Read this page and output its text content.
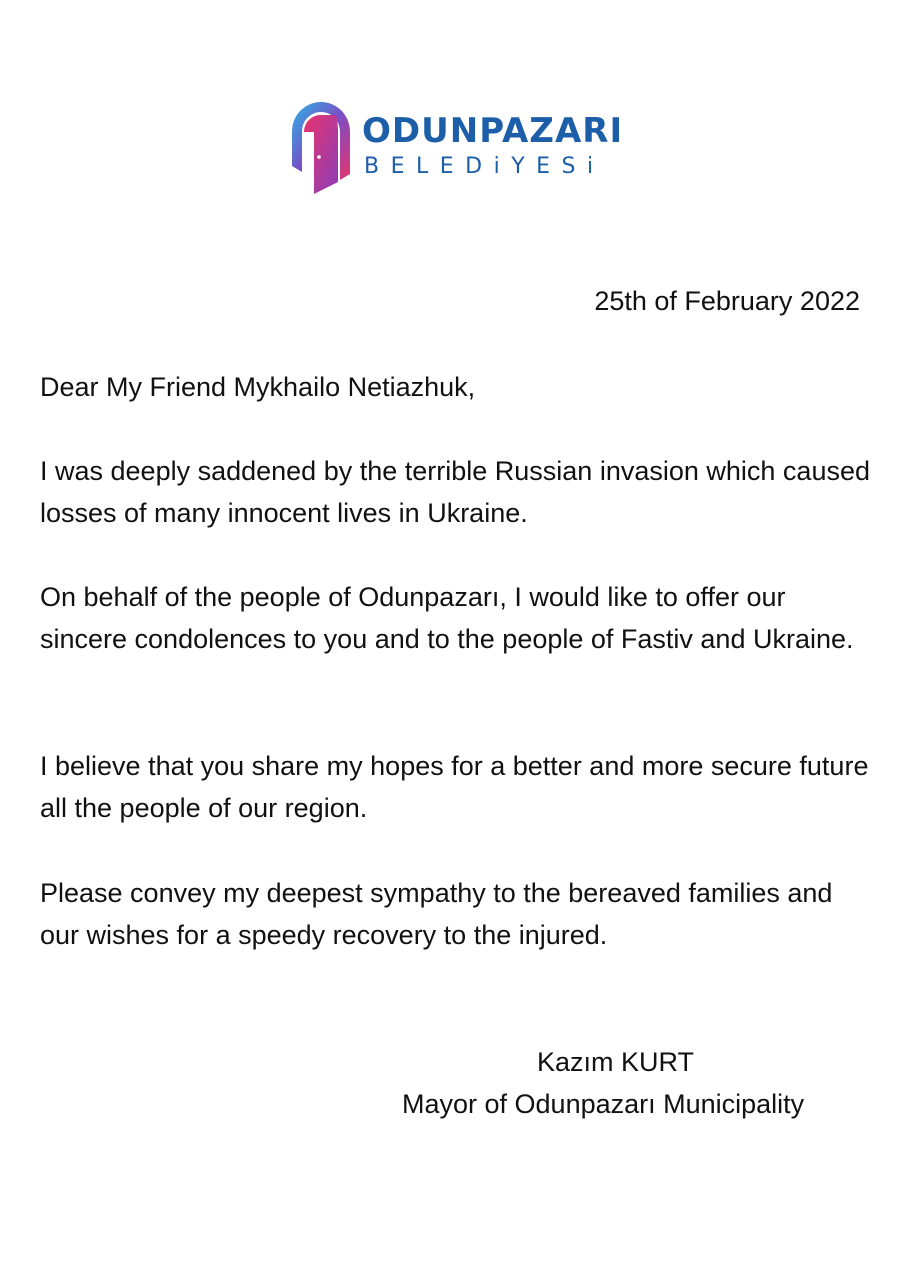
ODUNPAZARI
BELEDiYESi
25th of February 2022

Dear My Friend Mykhailo Netiazhuk,

I was deeply saddened by the terrible Russian invasion which caused losses of many innocent lives in Ukraine.

On behalf of the people of Odunpazarı, I would like to offer our sincere condolences to you and to the people of Fastiv and Ukraine.

I believe that you share my hopes for a better and more secure future all the people of our region.

Please convey my deepest sympathy to the bereaved families and our wishes for a speedy recovery to the injured.

Kazım KURT
Mayor of Odunpazarı Municipality
